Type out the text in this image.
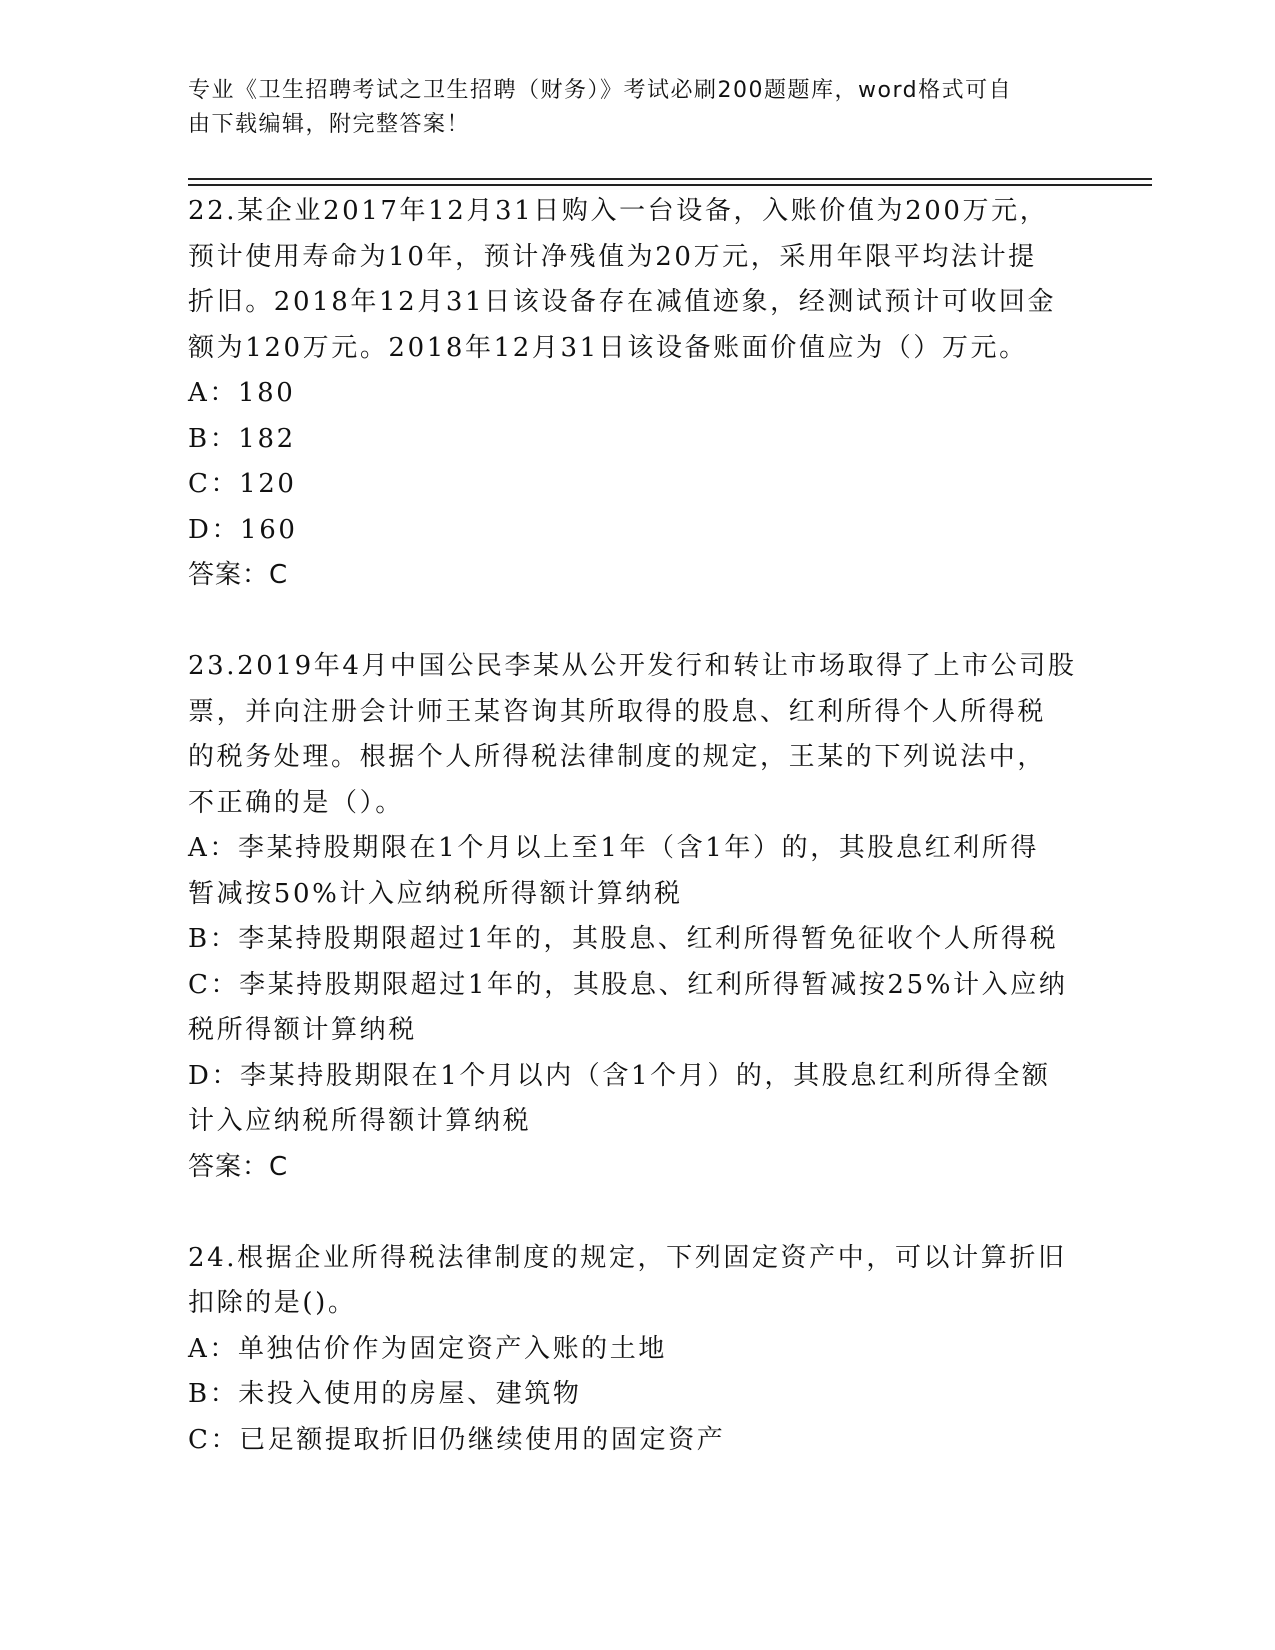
专业《卫生招聘考试之卫生招聘（财务）》考试必刷200题题库，word格式可自
由下载编辑，附完整答案！
22.某企业2017年12月31日购入一台设备，入账价值为200万元，
预计使用寿命为10年，预计净残值为20万元，采用年限平均法计提
折旧。2018年12月31日该设备存在减值迹象，经测试预计可收回金
额为120万元。2018年12月31日该设备账面价值应为（）万元。
A：180
B：182
C：120
D：160
答案：C
23.2019年4月中国公民李某从公开发行和转让市场取得了上市公司股
票，并向注册会计师王某咨询其所取得的股息、红利所得个人所得税
的税务处理。根据个人所得税法律制度的规定，王某的下列说法中，
不正确的是（）。
A：李某持股期限在1个月以上至1年（含1年）的，其股息红利所得
暂减按50%计入应纳税所得额计算纳税
B：李某持股期限超过1年的，其股息、红利所得暂免征收个人所得税
C：李某持股期限超过1年的，其股息、红利所得暂减按25%计入应纳
税所得额计算纳税
D：李某持股期限在1个月以内（含1个月）的，其股息红利所得全额
计入应纳税所得额计算纳税
答案：C
24.根据企业所得税法律制度的规定，下列固定资产中，可以计算折旧
扣除的是()。
A：单独估价作为固定资产入账的土地
B：未投入使用的房屋、建筑物
C：已足额提取折旧仍继续使用的固定资产
